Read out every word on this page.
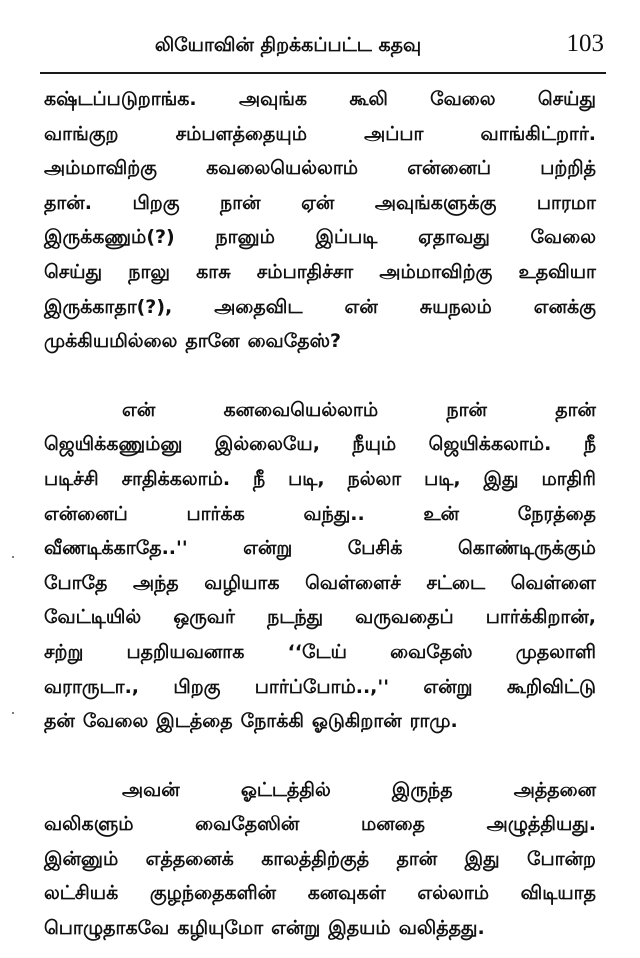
லியோவின் திறக்கப்பட்ட கதவு	103
கஷ்டப்படுறாங்க. அவுங்க கூலி வேலை செய்து
வாங்குற	சம்பளத்தையும்	அப்பா	வாங்கிட்றார்.
அம்மாவிற்கு	கவலையெல்லாம்	என்னைப்	பற்றித்
தான். பிறகு நான் ஏன் அவுங்களுக்கு பாரமா
இருக்கணும்(?) நானும் இப்படி ஏதாவது வேலை
செய்து நாலு காசு சம்பாதிச்சா அம்மாவிற்கு உதவியா
இருக்காதா(?), அதைவிட என் சுயநலம் எனக்கு
முக்கியமில்லை தானே வைதேஸ்?
என்	கனவையெல்லாம்	நான்	தான்
ஜெயிக்கணும்னு இல்லையே, நீயும் ஜெயிக்கலாம். நீ
படிச்சி சாதிக்கலாம். நீ படி, நல்லா படி, இது மாதிரி
என்னைப்	பார்க்க	வந்து..	உன்	நேரத்தை
வீணடிக்காதே..''	என்று	பேசிக்	கொண்டிருக்கும்
போதே அந்த வழியாக வெள்ளைச் சட்டை வெள்ளை
வேட்டியில் ஒருவர் நடந்து வருவதைப் பார்க்கிறான்,
சற்று பதறியவனாக ‘‘டேய் வைதேஸ் முதலாளி
வராருடா., பிறகு பார்ப்போம்..,'' என்று கூறிவிட்டு
தன் வேலை இடத்தை நோக்கி ஓடுகிறான் ராமு.
அவன்	ஓட்டத்தில்	இருந்த	அத்தனை
வலிகளும்	வைதேஸின்	மனதை	அழுத்தியது.
இன்னும் எத்தனைக் காலத்திற்குத் தான் இது போன்ற
லட்சியக் குழந்தைகளின் கனவுகள் எல்லாம் விடியாத
பொழுதாகவே கழியுமோ என்று இதயம் வலித்தது.
